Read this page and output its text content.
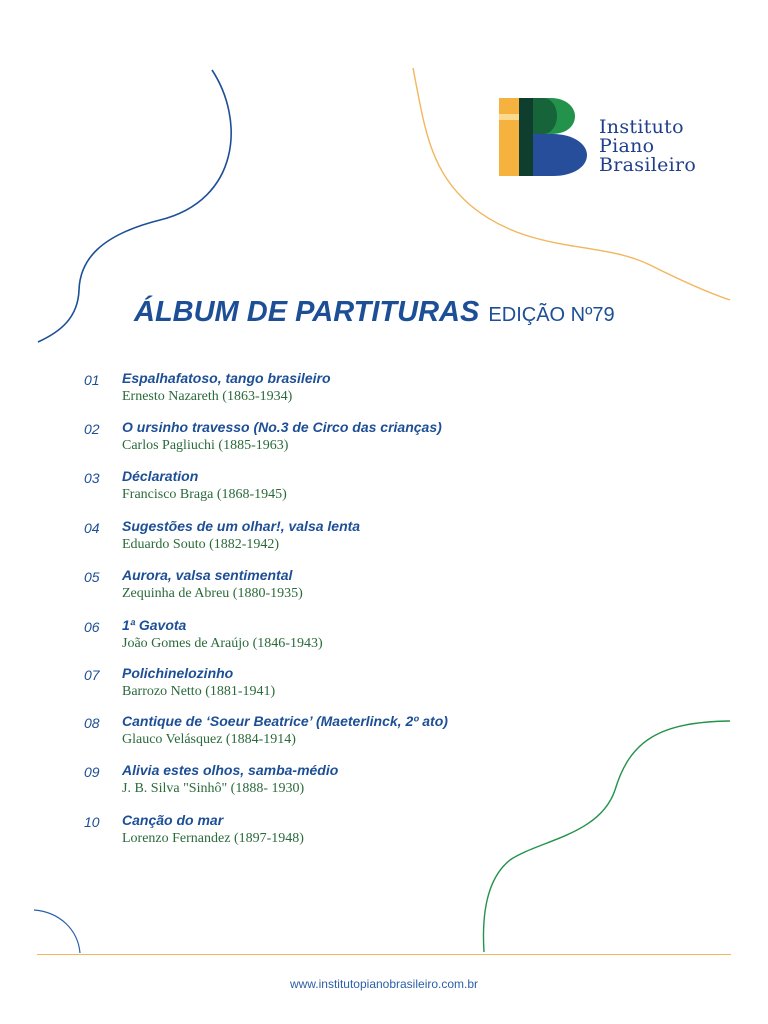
Instituto
Piano
Brasileiro
ÁLBUM DE PARTITURAS EDIÇÃO Nº79
01 Espalhafatoso, tango brasileiro
Ernesto Nazareth (1863-1934)
02 O ursinho travesso (No.3 de Circo das crianças)
Carlos Pagliuchi (1885-1963)
03 Déclaration
Francisco Braga (1868-1945)
04 Sugestões de um olhar!, valsa lenta
Eduardo Souto (1882-1942)
05 Aurora, valsa sentimental
Zequinha de Abreu (1880-1935)
06 1ª Gavota
João Gomes de Araújo (1846-1943)
07 Polichinelozinho
Barrozo Netto (1881-1941)
08 Cantique de ‘Soeur Beatrice’ (Maeterlinck, 2º ato)
Glauco Velásquez (1884-1914)
09 Alivia estes olhos, samba-médio
J. B. Silva "Sinhô" (1888- 1930)
10 Canção do mar
Lorenzo Fernandez (1897-1948)
www.institutopianobrasileiro.com.br
